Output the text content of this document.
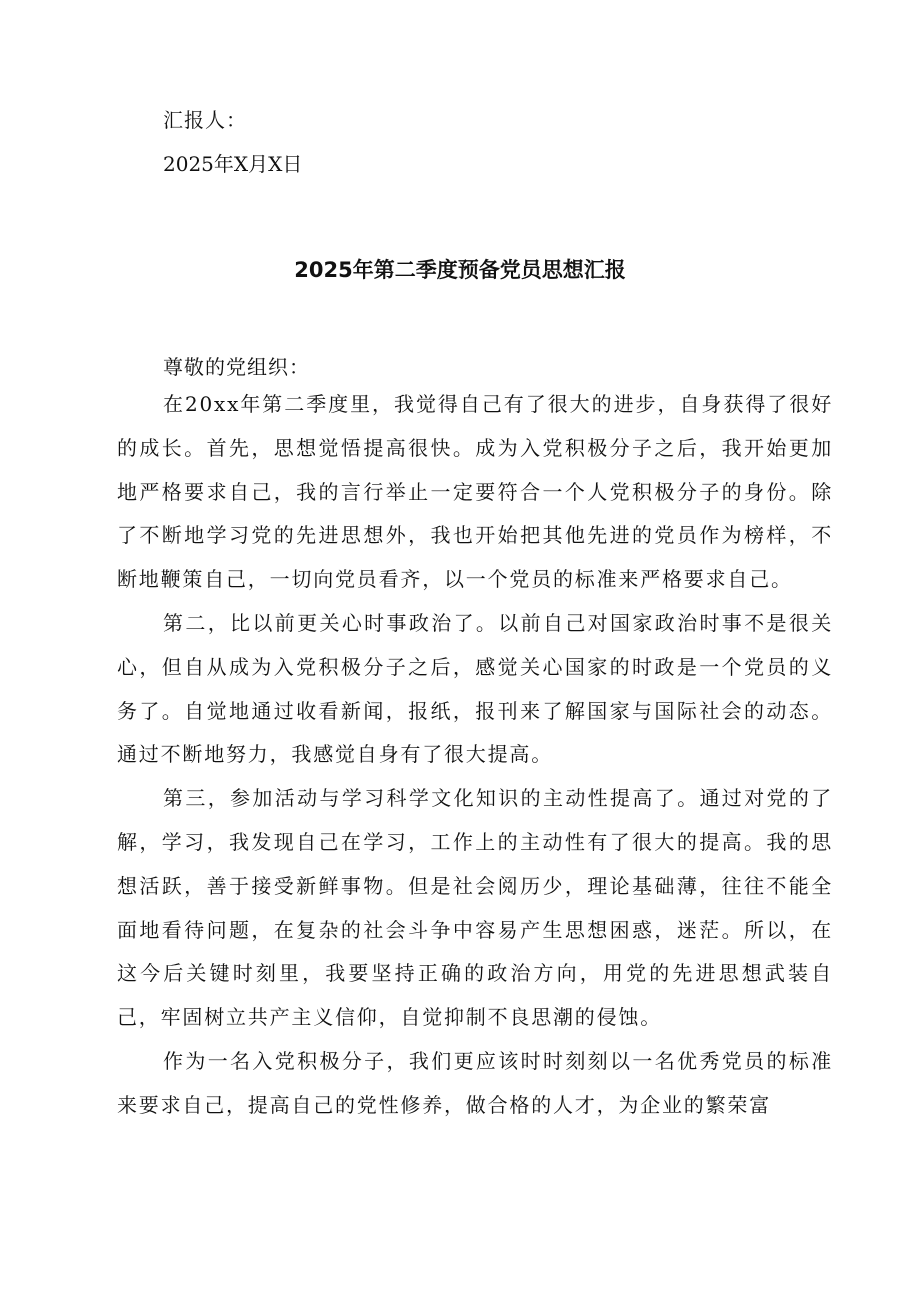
汇报人：
2025年X月X日
2025年第二季度预备党员思想汇报
尊敬的党组织：

在20xx年第二季度里，我觉得自己有了很大的进步，自身获得了很好的成长。首先，思想觉悟提高很快。成为入党积极分子之后，我开始更加地严格要求自己，我的言行举止一定要符合一个人党积极分子的身份。除了不断地学习党的先进思想外，我也开始把其他先进的党员作为榜样，不断地鞭策自己，一切向党员看齐，以一个党员的标准来严格要求自己。

第二，比以前更关心时事政治了。以前自己对国家政治时事不是很关心，但自从成为入党积极分子之后，感觉关心国家的时政是一个党员的义务了。自觉地通过收看新闻，报纸，报刊来了解国家与国际社会的动态。通过不断地努力，我感觉自身有了很大提高。

第三，参加活动与学习科学文化知识的主动性提高了。通过对党的了解，学习，我发现自己在学习，工作上的主动性有了很大的提高。我的思想活跃，善于接受新鲜事物。但是社会阅历少，理论基础薄，往往不能全面地看待问题，在复杂的社会斗争中容易产生思想困惑，迷茫。所以，在这今后关键时刻里，我要坚持正确的政治方向，用党的先进思想武装自己，牢固树立共产主义信仰，自觉抑制不良思潮的侵蚀。

作为一名入党积极分子，我们更应该时时刻刻以一名优秀党员的标准来要求自己，提高自己的党性修养，做合格的人才，为企业的繁荣富
